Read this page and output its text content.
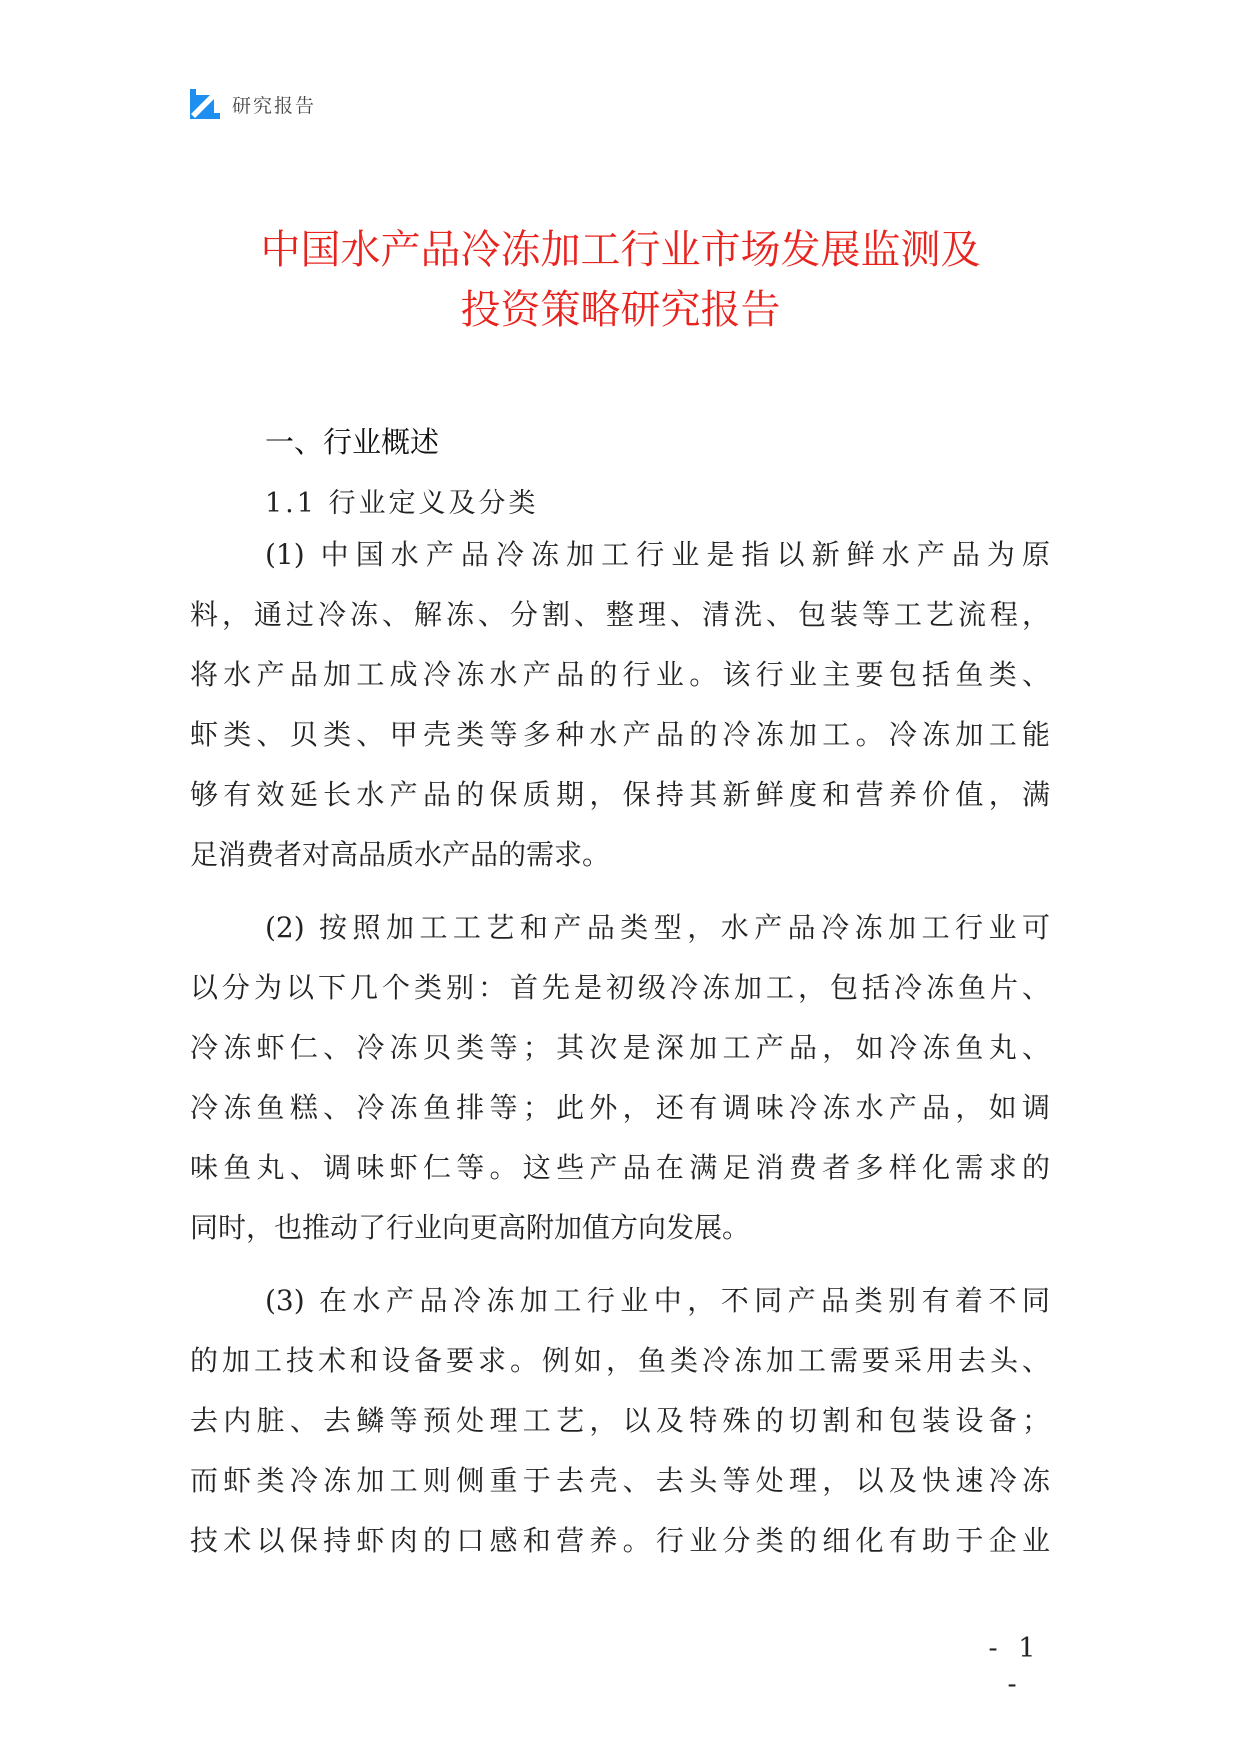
研究报告
中国水产品冷冻加工行业市场发展监测及
投资策略研究报告
一、行业概述
1.1 行业定义及分类
(1) 中国水产品冷冻加工行业是指以新鲜水产品为原
料，通过冷冻、解冻、分割、整理、清洗、包装等工艺流程，
将水产品加工成冷冻水产品的行业。该行业主要包括鱼类、
虾类、贝类、甲壳类等多种水产品的冷冻加工。冷冻加工能
够有效延长水产品的保质期，保持其新鲜度和营养价值，满
足消费者对高品质水产品的需求。
(2) 按照加工工艺和产品类型，水产品冷冻加工行业可
以分为以下几个类别：首先是初级冷冻加工，包括冷冻鱼片、
冷冻虾仁、冷冻贝类等；其次是深加工产品，如冷冻鱼丸、
冷冻鱼糕、冷冻鱼排等；此外，还有调味冷冻水产品，如调
味鱼丸、调味虾仁等。这些产品在满足消费者多样化需求的
同时，也推动了行业向更高附加值方向发展。
(3) 在水产品冷冻加工行业中，不同产品类别有着不同
的加工技术和设备要求。例如，鱼类冷冻加工需要采用去头、
去内脏、去鳞等预处理工艺，以及特殊的切割和包装设备；
而虾类冷冻加工则侧重于去壳、去头等处理，以及快速冷冻
技术以保持虾肉的口感和营养。行业分类的细化有助于企业
- 1 -
